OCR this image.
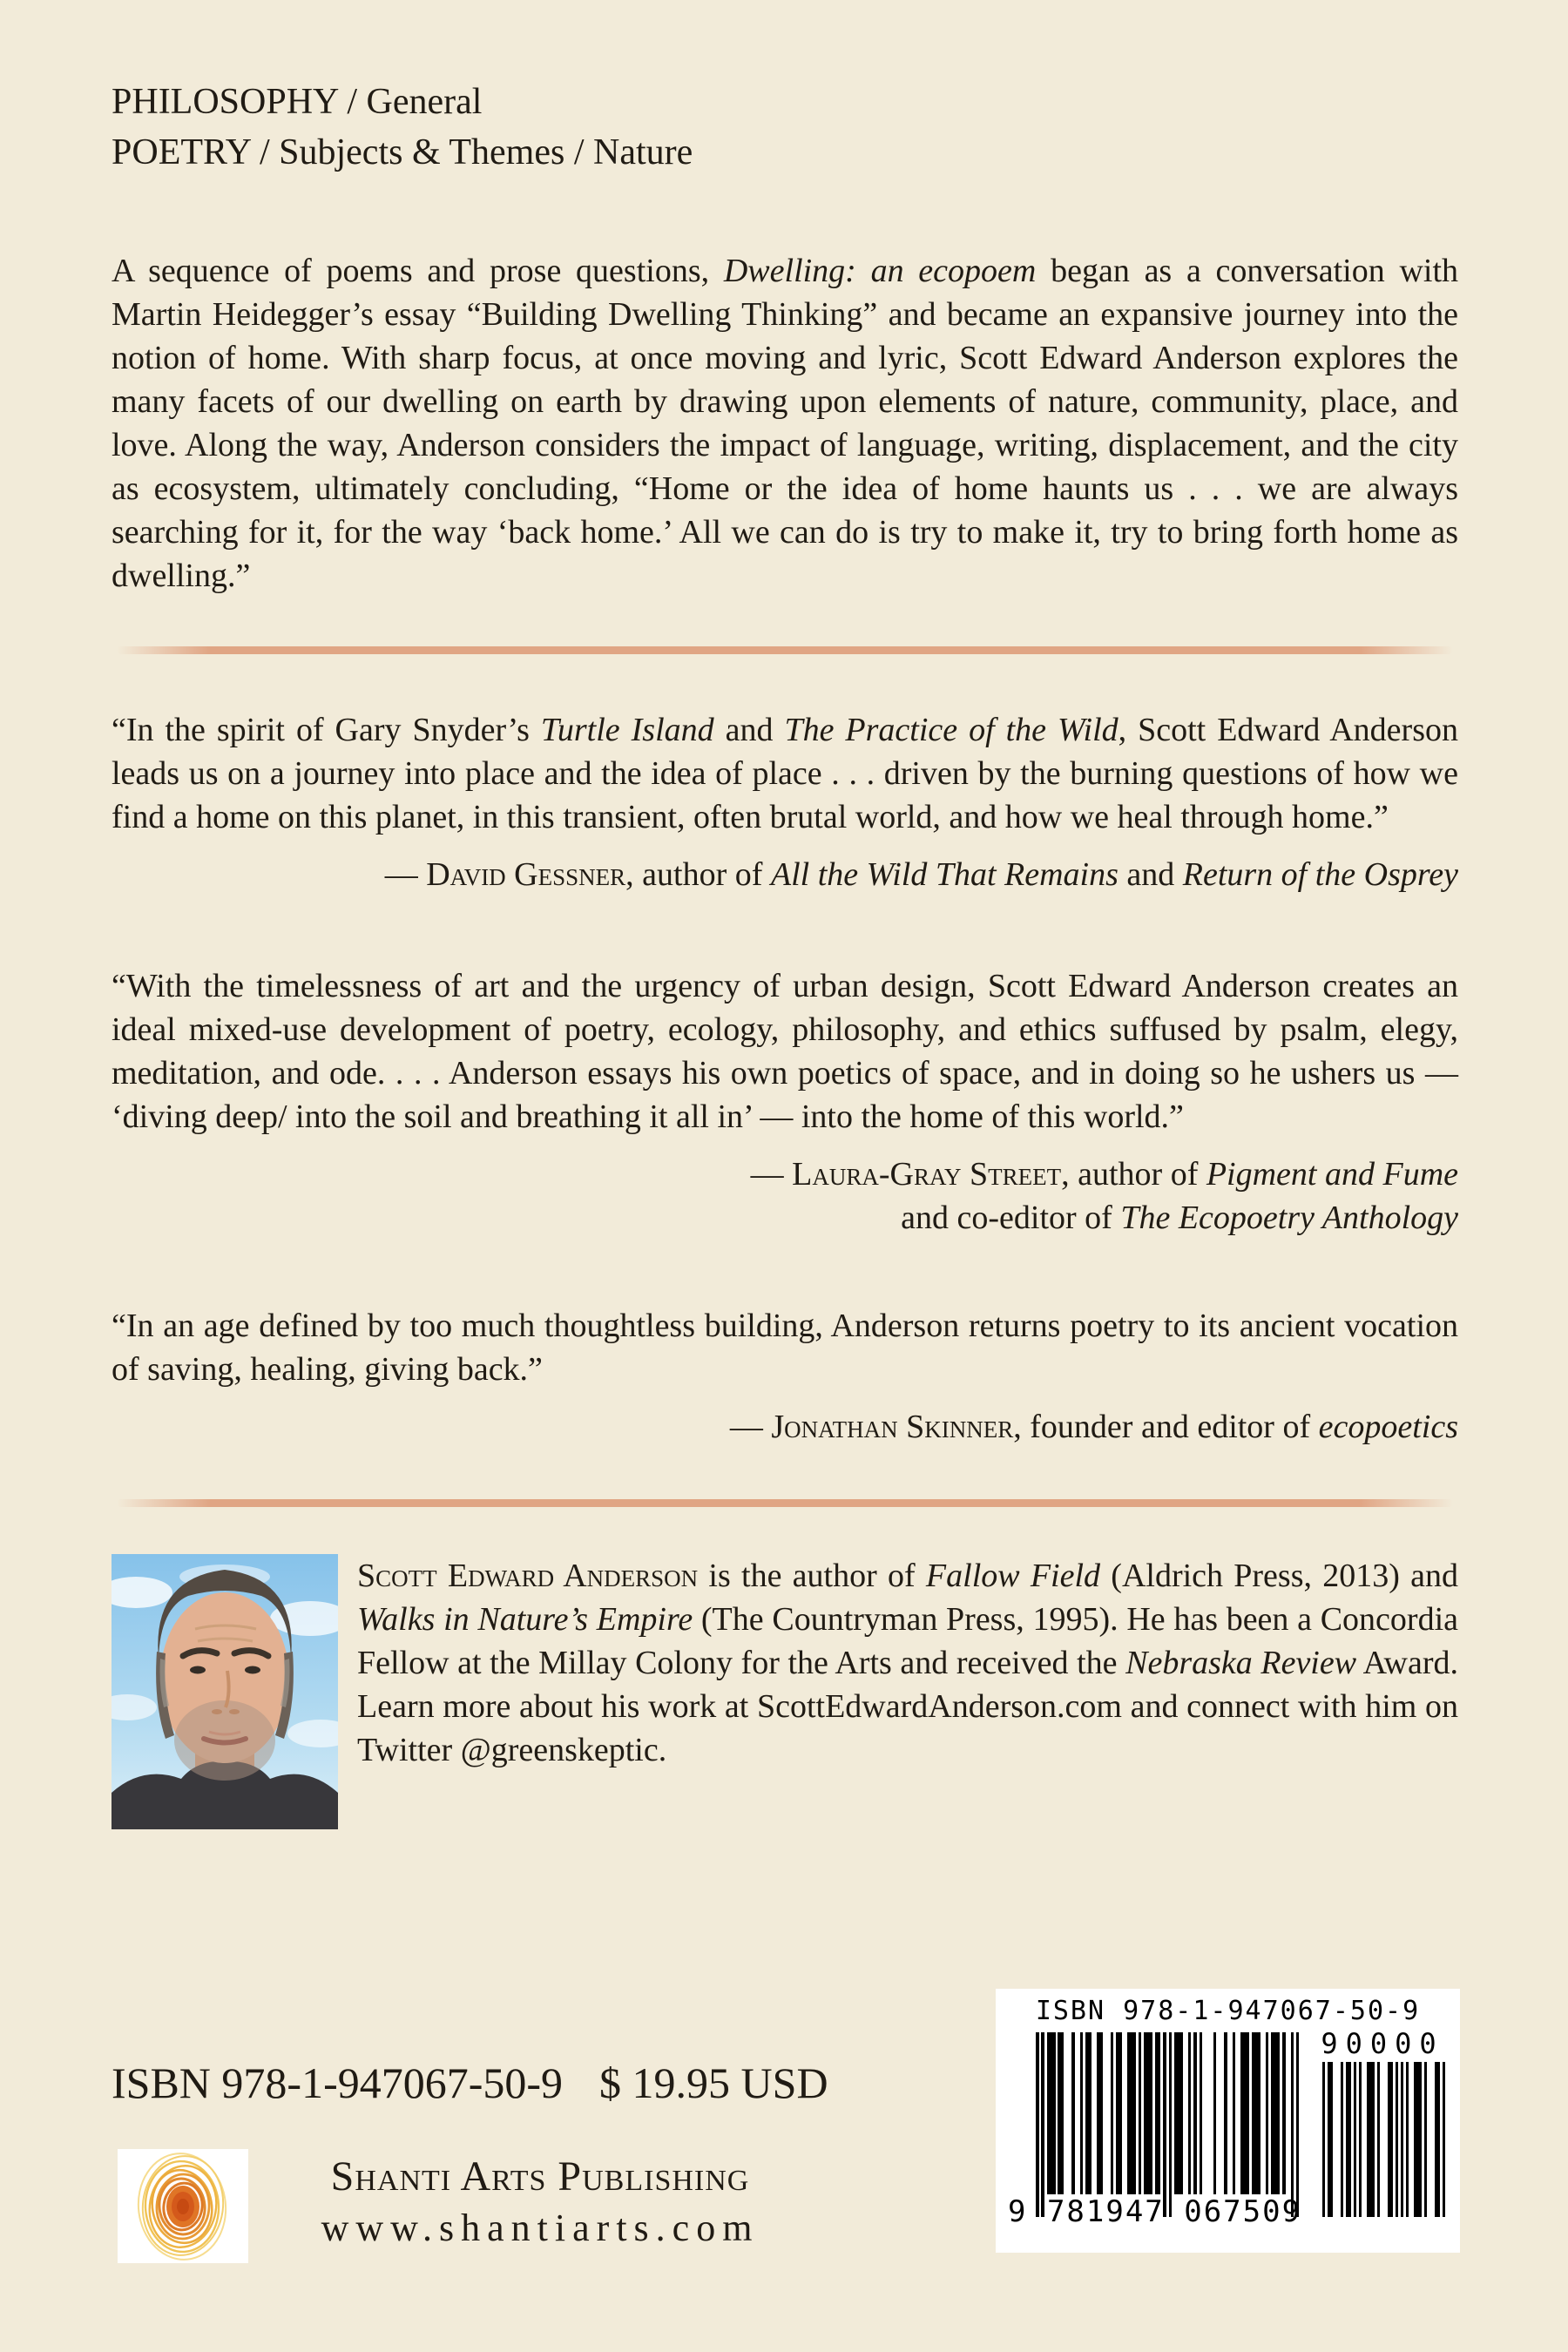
PHILOSOPHY / General
POETRY / Subjects & Themes / Nature

A sequence of poems and prose questions, Dwelling: an ecopoem began as a conversation with Martin Heidegger’s essay “Building Dwelling Thinking” and became an expansive journey into the notion of home. With sharp focus, at once moving and lyric, Scott Edward Anderson explores the many facets of our dwelling on earth by drawing upon elements of nature, community, place, and love. Along the way, Anderson considers the impact of language, writing, displacement, and the city as ecosystem, ultimately concluding, “Home or the idea of home haunts us . . . we are always searching for it, for the way ‘back home.’ All we can do is try to make it, try to bring forth home as dwelling.”

“In the spirit of Gary Snyder’s Turtle Island and The Practice of the Wild, Scott Edward Anderson leads us on a journey into place and the idea of place . . . driven by the burning questions of how we find a home on this planet, in this transient, often brutal world, and how we heal through home.”

— David Gessner, author of All the Wild That Remains and Return of the Osprey

“With the timelessness of art and the urgency of urban design, Scott Edward Anderson creates an ideal mixed-use development of poetry, ecology, philosophy, and ethics suffused by psalm, elegy, meditation, and ode. . . . Anderson essays his own poetics of space, and in doing so he ushers us — ‘diving deep/ into the soil and breathing it all in’ — into the home of this world.”

— Laura-Gray Street, author of Pigment and Fume
and co-editor of The Ecopoetry Anthology

“In an age defined by too much thoughtless building, Anderson returns poetry to its ancient vocation of saving, healing, giving back.”

— Jonathan Skinner, founder and editor of ecopoetics

Scott Edward Anderson is the author of Fallow Field (Aldrich Press, 2013) and Walks in Nature’s Empire (The Countryman Press, 1995). He has been a Concordia Fellow at the Millay Colony for the Arts and received the Nebraska Review Award. Learn more about his work at ScottEdwardAnderson.com and connect with him on Twitter @greenskeptic.

ISBN 978-1-947067-50-9 $ 19.95 USD
Shanti Arts Publishing
www.shantiarts.com
ISBN 978-1-947067-50-9
90000
9 781947 067509
